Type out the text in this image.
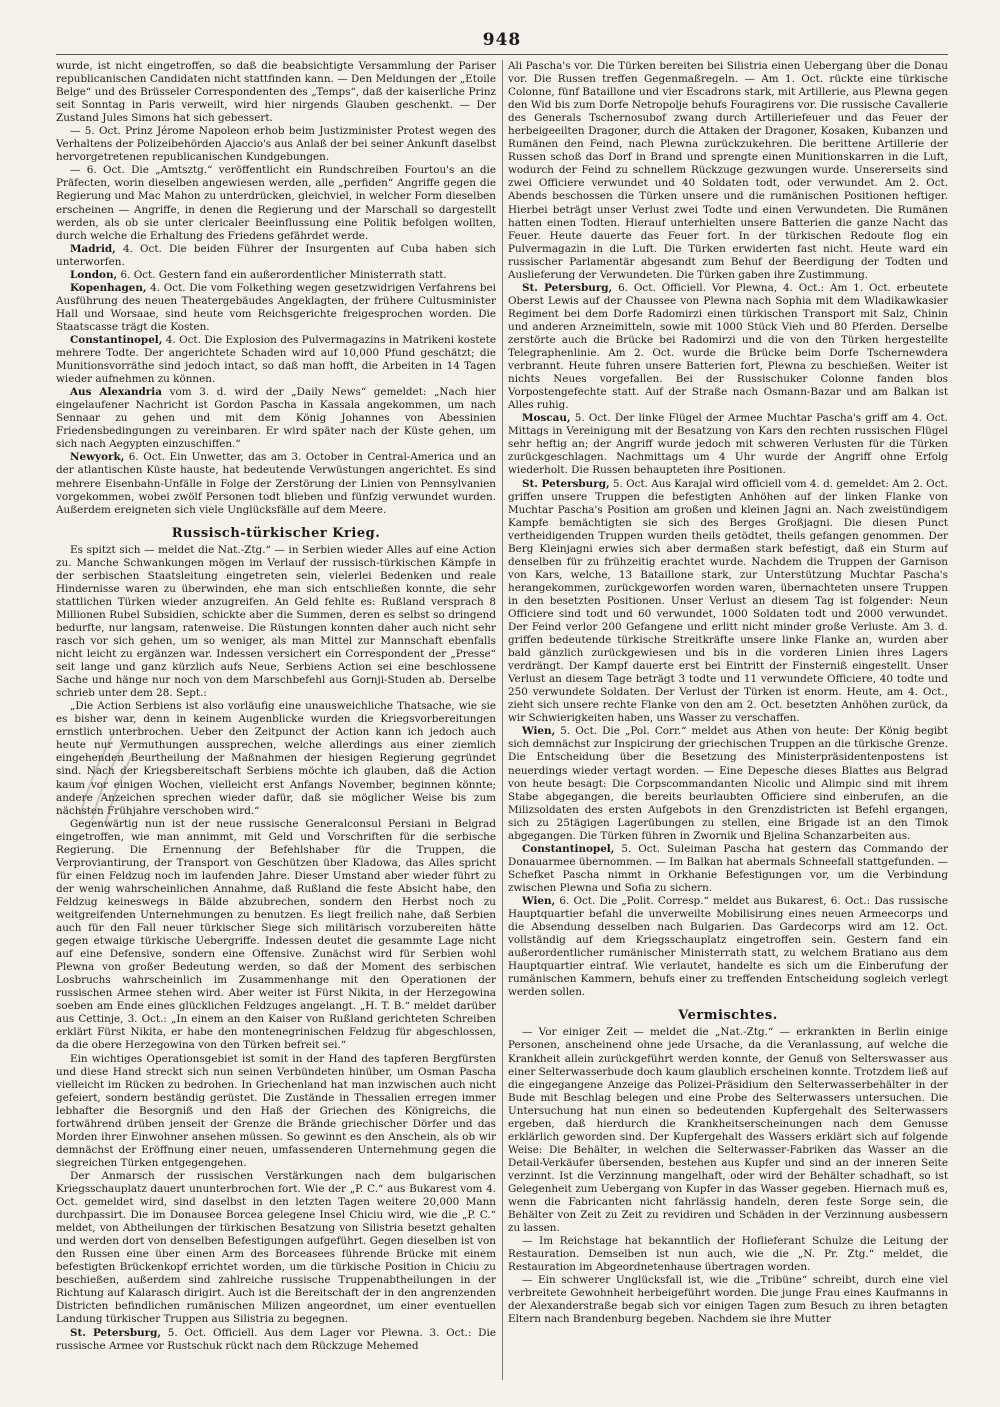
948

wurde, ist nicht eingetroffen, so daß die beabsichtigte Versammlung der Pariser republicanischen Candidaten nicht stattfinden kann. — Den Meldungen der „Etoile Belge“ und des Brüsseler Correspondenten des „Temps“, daß der kaiserliche Prinz seit Sonntag in Paris verweilt, wird hier nirgends Glauben geschenkt. — Der Zustand Jules Simons hat sich gebessert.

— 5. Oct. Prinz Jérome Napoleon erhob beim Justizminister Protest wegen des Verhaltens der Polizeibehörden Ajaccio's aus Anlaß der bei seiner Ankunft daselbst hervorgetretenen republicanischen Kundgebungen.

— 6. Oct. Die „Amtsztg.“ veröffentlicht ein Rundschreiben Fourtou's an die Präfecten, worin dieselben angewiesen werden, alle „perfiden“ Angriffe gegen die Regierung und Mac Mahon zu unterdrücken, gleichviel, in welcher Form dieselben erscheinen — Angriffe, in denen die Regierung und der Marschall so dargestellt werden, als ob sie unter clericaler Beeinflussung eine Politik befolgen wollten, durch welche die Erhaltung des Friedens gefährdet werde.

Madrid, 4. Oct. Die beiden Führer der Insurgenten auf Cuba haben sich unterworfen.

London, 6. Oct. Gestern fand ein außerordentlicher Ministerrath statt.

Kopenhagen, 4. Oct. Die vom Folkething wegen gesetzwidrigen Verfahrens bei Ausführung des neuen Theatergebäudes Angeklagten, der frühere Cultusminister Hall und Worsaae, sind heute vom Reichsgerichte freigesprochen worden. Die Staatscasse trägt die Kosten.

Constantinopel, 4. Oct. Die Explosion des Pulvermagazins in Matrikeni kostete mehrere Todte. Der angerichtete Schaden wird auf 10,000 Pfund geschätzt; die Munitionsvorräthe sind jedoch intact, so daß man hofft, die Arbeiten in 14 Tagen wieder aufnehmen zu können.

Aus Alexandria vom 3. d. wird der „Daily News“ gemeldet: „Nach hier eingelaufener Nachricht ist Gordon Pascha in Kassala angekommen, um nach Sennaar zu gehen und mit dem König Johannes von Abessinien Friedensbedingungen zu vereinbaren. Er wird später nach der Küste gehen, um sich nach Aegypten einzuschiffen.“

Newyork, 6. Oct. Ein Unwetter, das am 3. October in Central-America und an der atlantischen Küste hauste, hat bedeutende Verwüstungen angerichtet. Es sind mehrere Eisenbahn-Unfälle in Folge der Zerstörung der Linien von Pennsylvanien vorgekommen, wobei zwölf Personen todt blieben und fünfzig verwundet wurden. Außerdem ereigneten sich viele Unglücksfälle auf dem Meere.

Russisch-türkischer Krieg.

Es spitzt sich — meldet die Nat.-Ztg.“ — in Serbien wieder Alles auf eine Action zu. Manche Schwankungen mögen im Verlauf der russisch-türkischen Kämpfe in der serbischen Staatsleitung eingetreten sein, vielerlei Bedenken und reale Hindernisse waren zu überwinden, ehe man sich entschließen konnte, die sehr stattlichen Türken wieder anzugreifen. An Geld fehlte es: Rußland versprach 8 Millionen Rubel Subsidien, schickte aber die Summen, deren es selbst so dringend bedurfte, nur langsam, ratenweise. Die Rüstungen konnten daher auch nicht sehr rasch vor sich gehen, um so weniger, als man Mittel zur Mannschaft ebenfalls nicht leicht zu ergänzen war. Indessen versichert ein Correspondent der „Presse“ seit lange und ganz kürzlich aufs Neue, Serbiens Action sei eine beschlossene Sache und hänge nur noch von dem Marschbefehl aus Gornji-Studen ab. Derselbe schrieb unter dem 28. Sept.:

„Die Action Serbiens ist also vorläufig eine unausweichliche Thatsache, wie sie es bisher war, denn in keinem Augenblicke wurden die Kriegsvorbereitungen ernstlich unterbrochen. Ueber den Zeitpunct der Action kann ich jedoch auch heute nur Vermuthungen aussprechen, welche allerdings aus einer ziemlich eingehenden Beurtheilung der Maßnahmen der hiesigen Regierung gegründet sind. Nach der Kriegsbereitschaft Serbiens möchte ich glauben, daß die Action kaum vor einigen Wochen, vielleicht erst Anfangs November, beginnen könnte; andere Anzeichen sprechen wieder dafür, daß sie möglicher Weise bis zum nächsten Frühjahre verschoben wird.“

Gegenwärtig nun ist der neue russische Generalconsul Persiani in Belgrad eingetroffen, wie man annimmt, mit Geld und Vorschriften für die serbische Regierung. Die Ernennung der Befehlshaber für die Truppen, die Verproviantirung, der Transport von Geschützen über Kladowa, das Alles spricht für einen Feldzug noch im laufenden Jahre. Dieser Umstand aber wieder führt zu der wenig wahrscheinlichen Annahme, daß Rußland die feste Absicht habe, den Feldzug keineswegs in Bälde abzubrechen, sondern den Herbst noch zu weitgreifenden Unternehmungen zu benutzen. Es liegt freilich nahe, daß Serbien auch für den Fall neuer türkischer Siege sich militärisch vorzubereiten hätte gegen etwaige türkische Uebergriffe. Indessen deutet die gesammte Lage nicht auf eine Defensive, sondern eine Offensive. Zunächst wird für Serbien wohl Plewna von großer Bedeutung werden, so daß der Moment des serbischen Losbruchs wahrscheinlich im Zusammenhange mit den Operationen der russischen Armee stehen wird. Aber weiter ist Fürst Nikita, in der Herzegowina soeben am Ende eines glücklichen Feldzuges angelangt. „H. T. B.“ meldet darüber aus Cettinje, 3. Oct.: „In einem an den Kaiser von Rußland gerichteten Schreiben erklärt Fürst Nikita, er habe den montenegrinischen Feldzug für abgeschlossen, da die obere Herzegowina von den Türken befreit sei.“

Ein wichtiges Operationsgebiet ist somit in der Hand des tapferen Bergfürsten und diese Hand streckt sich nun seinen Verbündeten hinüber, um Osman Pascha vielleicht im Rücken zu bedrohen. In Griechenland hat man inzwischen auch nicht gefeiert, sondern beständig gerüstet. Die Zustände in Thessalien erregen immer lebhafter die Besorgniß und den Haß der Griechen des Königreichs, die fortwährend drüben jenseit der Grenze die Brände griechischer Dörfer und das Morden ihrer Einwohner ansehen müssen. So gewinnt es den Anschein, als ob wir demnächst der Eröffnung einer neuen, umfassenderen Unternehmung gegen die siegreichen Türken entgegengehen.

Der Anmarsch der russischen Verstärkungen nach dem bulgarischen Kriegsschauplatz dauert ununterbrochen fort. Wie der „P. C.“ aus Bukarest vom 4. Oct. gemeldet wird, sind daselbst in den letzten Tagen weitere 20,000 Mann durchpassirt. Die im Donausee Borcea gelegene Insel Chiciu wird, wie die „P. C.“ meldet, von Abtheilungen der türkischen Besatzung von Silistria besetzt gehalten und werden dort von denselben Befestigungen aufgeführt. Gegen dieselben ist von den Russen eine über einen Arm des Borceasees führende Brücke mit einem befestigten Brückenkopf errichtet worden, um die türkische Position in Chiciu zu beschießen, außerdem sind zahlreiche russische Truppenabtheilungen in der Richtung auf Kalarasch dirigirt. Auch ist die Bereitschaft der in den angrenzenden Districten befindlichen rumänischen Milizen angeordnet, um einer eventuellen Landung türkischer Truppen aus Silistria zu begegnen.

St. Petersburg, 5. Oct. Officiell. Aus dem Lager vor Plewna. 3. Oct.: Die russische Armee vor Rustschuk rückt nach dem Rückzuge Mehemed

Ali Pascha's vor. Die Türken bereiten bei Silistria einen Uebergang über die Donau vor. Die Russen treffen Gegenmaßregeln. — Am 1. Oct. rückte eine türkische Colonne, fünf Bataillone und vier Escadrons stark, mit Artillerie, aus Plewna gegen den Wid bis zum Dorfe Netropolje behufs Fouragirens vor. Die russische Cavallerie des Generals Tschernosubof zwang durch Artilleriefeuer und das Feuer der herbeigeeilten Dragoner, durch die Attaken der Dragoner, Kosaken, Kubanzen und Rumänen den Feind, nach Plewna zurückzukehren. Die berittene Artillerie der Russen schoß das Dorf in Brand und sprengte einen Munitionskarren in die Luft, wodurch der Feind zu schnellem Rückzuge gezwungen wurde. Unsererseits sind zwei Officiere verwundet und 40 Soldaten todt, oder verwundet. Am 2. Oct. Abends beschossen die Türken unsere und die rumänischen Positionen heftiger. Hierbei beträgt unser Verlust zwei Todte und einen Verwundeten. Die Rumänen hatten einen Todten. Hierauf unterhielten unsere Batterien die ganze Nacht das Feuer. Heute dauerte das Feuer fort. In der türkischen Redoute flog ein Pulvermagazin in die Luft. Die Türken erwiderten fast nicht. Heute ward ein russischer Parlamentär abgesandt zum Behuf der Beerdigung der Todten und Auslieferung der Verwundeten. Die Türken gaben ihre Zustimmung.

St. Petersburg, 6. Oct. Officiell. Vor Plewna, 4. Oct.: Am 1. Oct. erbeutete Oberst Lewis auf der Chaussee von Plewna nach Sophia mit dem Wladikawkasier Regiment bei dem Dorfe Radomirzi einen türkischen Transport mit Salz, Chinin und anderen Arzneimitteln, sowie mit 1000 Stück Vieh und 80 Pferden. Derselbe zerstörte auch die Brücke bei Radomirzi und die von den Türken hergestellte Telegraphenlinie. Am 2. Oct. wurde die Brücke beim Dorfe Tschernewdera verbrannt. Heute fuhren unsere Batterien fort, Plewna zu beschießen. Weiter ist nichts Neues vorgefallen. Bei der Russischuker Colonne fanden blos Vorpostengefechte statt. Auf der Straße nach Osmann-Bazar und am Balkan ist Alles ruhig.

Moscau, 5. Oct. Der linke Flügel der Armee Muchtar Pascha's griff am 4. Oct. Mittags in Vereinigung mit der Besatzung von Kars den rechten russischen Flügel sehr heftig an; der Angriff wurde jedoch mit schweren Verlusten für die Türken zurückgeschlagen. Nachmittags um 4 Uhr wurde der Angriff ohne Erfolg wiederholt. Die Russen behaupteten ihre Positionen.

St. Petersburg, 5. Oct. Aus Karajal wird officiell vom 4. d. gemeldet: Am 2. Oct. griffen unsere Truppen die befestigten Anhöhen auf der linken Flanke von Muchtar Pascha's Position am großen und kleinen Jagni an. Nach zweistündigem Kampfe bemächtigten sie sich des Berges Großjagni. Die diesen Punct vertheidigenden Truppen wurden theils getödtet, theils gefangen genommen. Der Berg Kleinjagni erwies sich aber dermaßen stark befestigt, daß ein Sturm auf denselben für zu frühzeitig erachtet wurde. Nachdem die Truppen der Garnison von Kars, welche, 13 Bataillone stark, zur Unterstützung Muchtar Pascha's herangekommen, zurückgeworfen worden waren, übernachteten unsere Truppen in den besetzten Positionen. Unser Verlust an diesem Tag ist folgender: Neun Officiere sind todt und 60 verwundet, 1000 Soldaten todt und 2000 verwundet. Der Feind verlor 200 Gefangene und erlitt nicht minder große Verluste. Am 3. d. griffen bedeutende türkische Streitkräfte unsere linke Flanke an, wurden aber bald gänzlich zurückgewiesen und bis in die vorderen Linien ihres Lagers verdrängt. Der Kampf dauerte erst bei Eintritt der Finsterniß eingestellt. Unser Verlust an diesem Tage beträgt 3 todte und 11 verwundete Officiere, 40 todte und 250 verwundete Soldaten. Der Verlust der Türken ist enorm. Heute, am 4. Oct., zieht sich unsere rechte Flanke von den am 2. Oct. besetzten Anhöhen zurück, da wir Schwierigkeiten haben, uns Wasser zu verschaffen.

Wien, 5. Oct. Die „Pol. Corr.“ meldet aus Athen von heute: Der König begibt sich demnächst zur Inspicirung der griechischen Truppen an die türkische Grenze. Die Entscheidung über die Besetzung des Ministerpräsidentenpostens ist neuerdings wieder vertagt worden. — Eine Depesche dieses Blattes aus Belgrad von heute besagt: Die Corpscommandanten Nicolic und Alimpic sind mit ihrem Stabe abgegangen, die bereits beurlaubten Officiere sind einberufen, an die Milizsoldaten des ersten Aufgebots in den Grenzdistricten ist Befehl ergangen, sich zu 25tägigen Lagerübungen zu stellen, eine Brigade ist an den Timok abgegangen. Die Türken führen in Zwornik und Bjelina Schanzarbeiten aus.

Constantinopel, 5. Oct. Suleiman Pascha hat gestern das Commando der Donauarmee übernommen. — Im Balkan hat abermals Schneefall stattgefunden. — Schefket Pascha nimmt in Orkhanie Befestigungen vor, um die Verbindung zwischen Plewna und Sofia zu sichern.

Wien, 6. Oct. Die „Polit. Corresp.“ meldet aus Bukarest, 6. Oct.: Das russische Hauptquartier befahl die unverweilte Mobilisirung eines neuen Armeecorps und die Absendung desselben nach Bulgarien. Das Gardecorps wird am 12. Oct. vollständig auf dem Kriegsschauplatz eingetroffen sein. Gestern fand ein außerordentlicher rumänischer Ministerrath statt, zu welchem Bratiano aus dem Hauptquartier eintraf. Wie verlautet, handelte es sich um die Einberufung der rumänischen Kammern, behufs einer zu treffenden Entscheidung sogleich verlegt werden sollen.

Vermischtes.

— Vor einiger Zeit — meldet die „Nat.-Ztg.“ — erkrankten in Berlin einige Personen, anscheinend ohne jede Ursache, da die Veranlassung, auf welche die Krankheit allein zurückgeführt werden konnte, der Genuß von Selterswasser aus einer Selterwasserbude doch kaum glaublich erscheinen konnte. Trotzdem ließ auf die eingegangene Anzeige das Polizei-Präsidium den Selterwasserbehälter in der Bude mit Beschlag belegen und eine Probe des Selterwassers untersuchen. Die Untersuchung hat nun einen so bedeutenden Kupfergehalt des Selterwassers ergeben, daß hierdurch die Krankheitserscheinungen nach dem Genusse erklärlich geworden sind. Der Kupfergehalt des Wassers erklärt sich auf folgende Weise: Die Behälter, in welchen die Selterwasser-Fabriken das Wasser an die Detail-Verkäufer übersenden, bestehen aus Kupfer und sind an der inneren Seite verzinnt. Ist die Verzinnung mangelhaft, oder wird der Behälter schadhaft, so ist Gelegenheit zum Uebergang von Kupfer in das Wasser gegeben. Hiernach muß es, wenn die Fabricanten nicht fahrlässig handeln, deren feste Sorge sein, die Behälter von Zeit zu Zeit zu revidiren und Schäden in der Verzinnung ausbessern zu lassen.

— Im Reichstage hat bekanntlich der Hoflieferant Schulze die Leitung der Restauration. Demselben ist nun auch, wie die „N. Pr. Ztg.“ meldet, die Restauration im Abgeordnetenhause übertragen worden.

— Ein schwerer Unglücksfall ist, wie die „Tribüne“ schreibt, durch eine viel verbreitete Gewohnheit herbeigeführt worden. Die junge Frau eines Kaufmanns in der Alexanderstraße begab sich vor einigen Tagen zum Besuch zu ihren betagten Eltern nach Brandenburg begeben. Nachdem sie ihre Mutter
